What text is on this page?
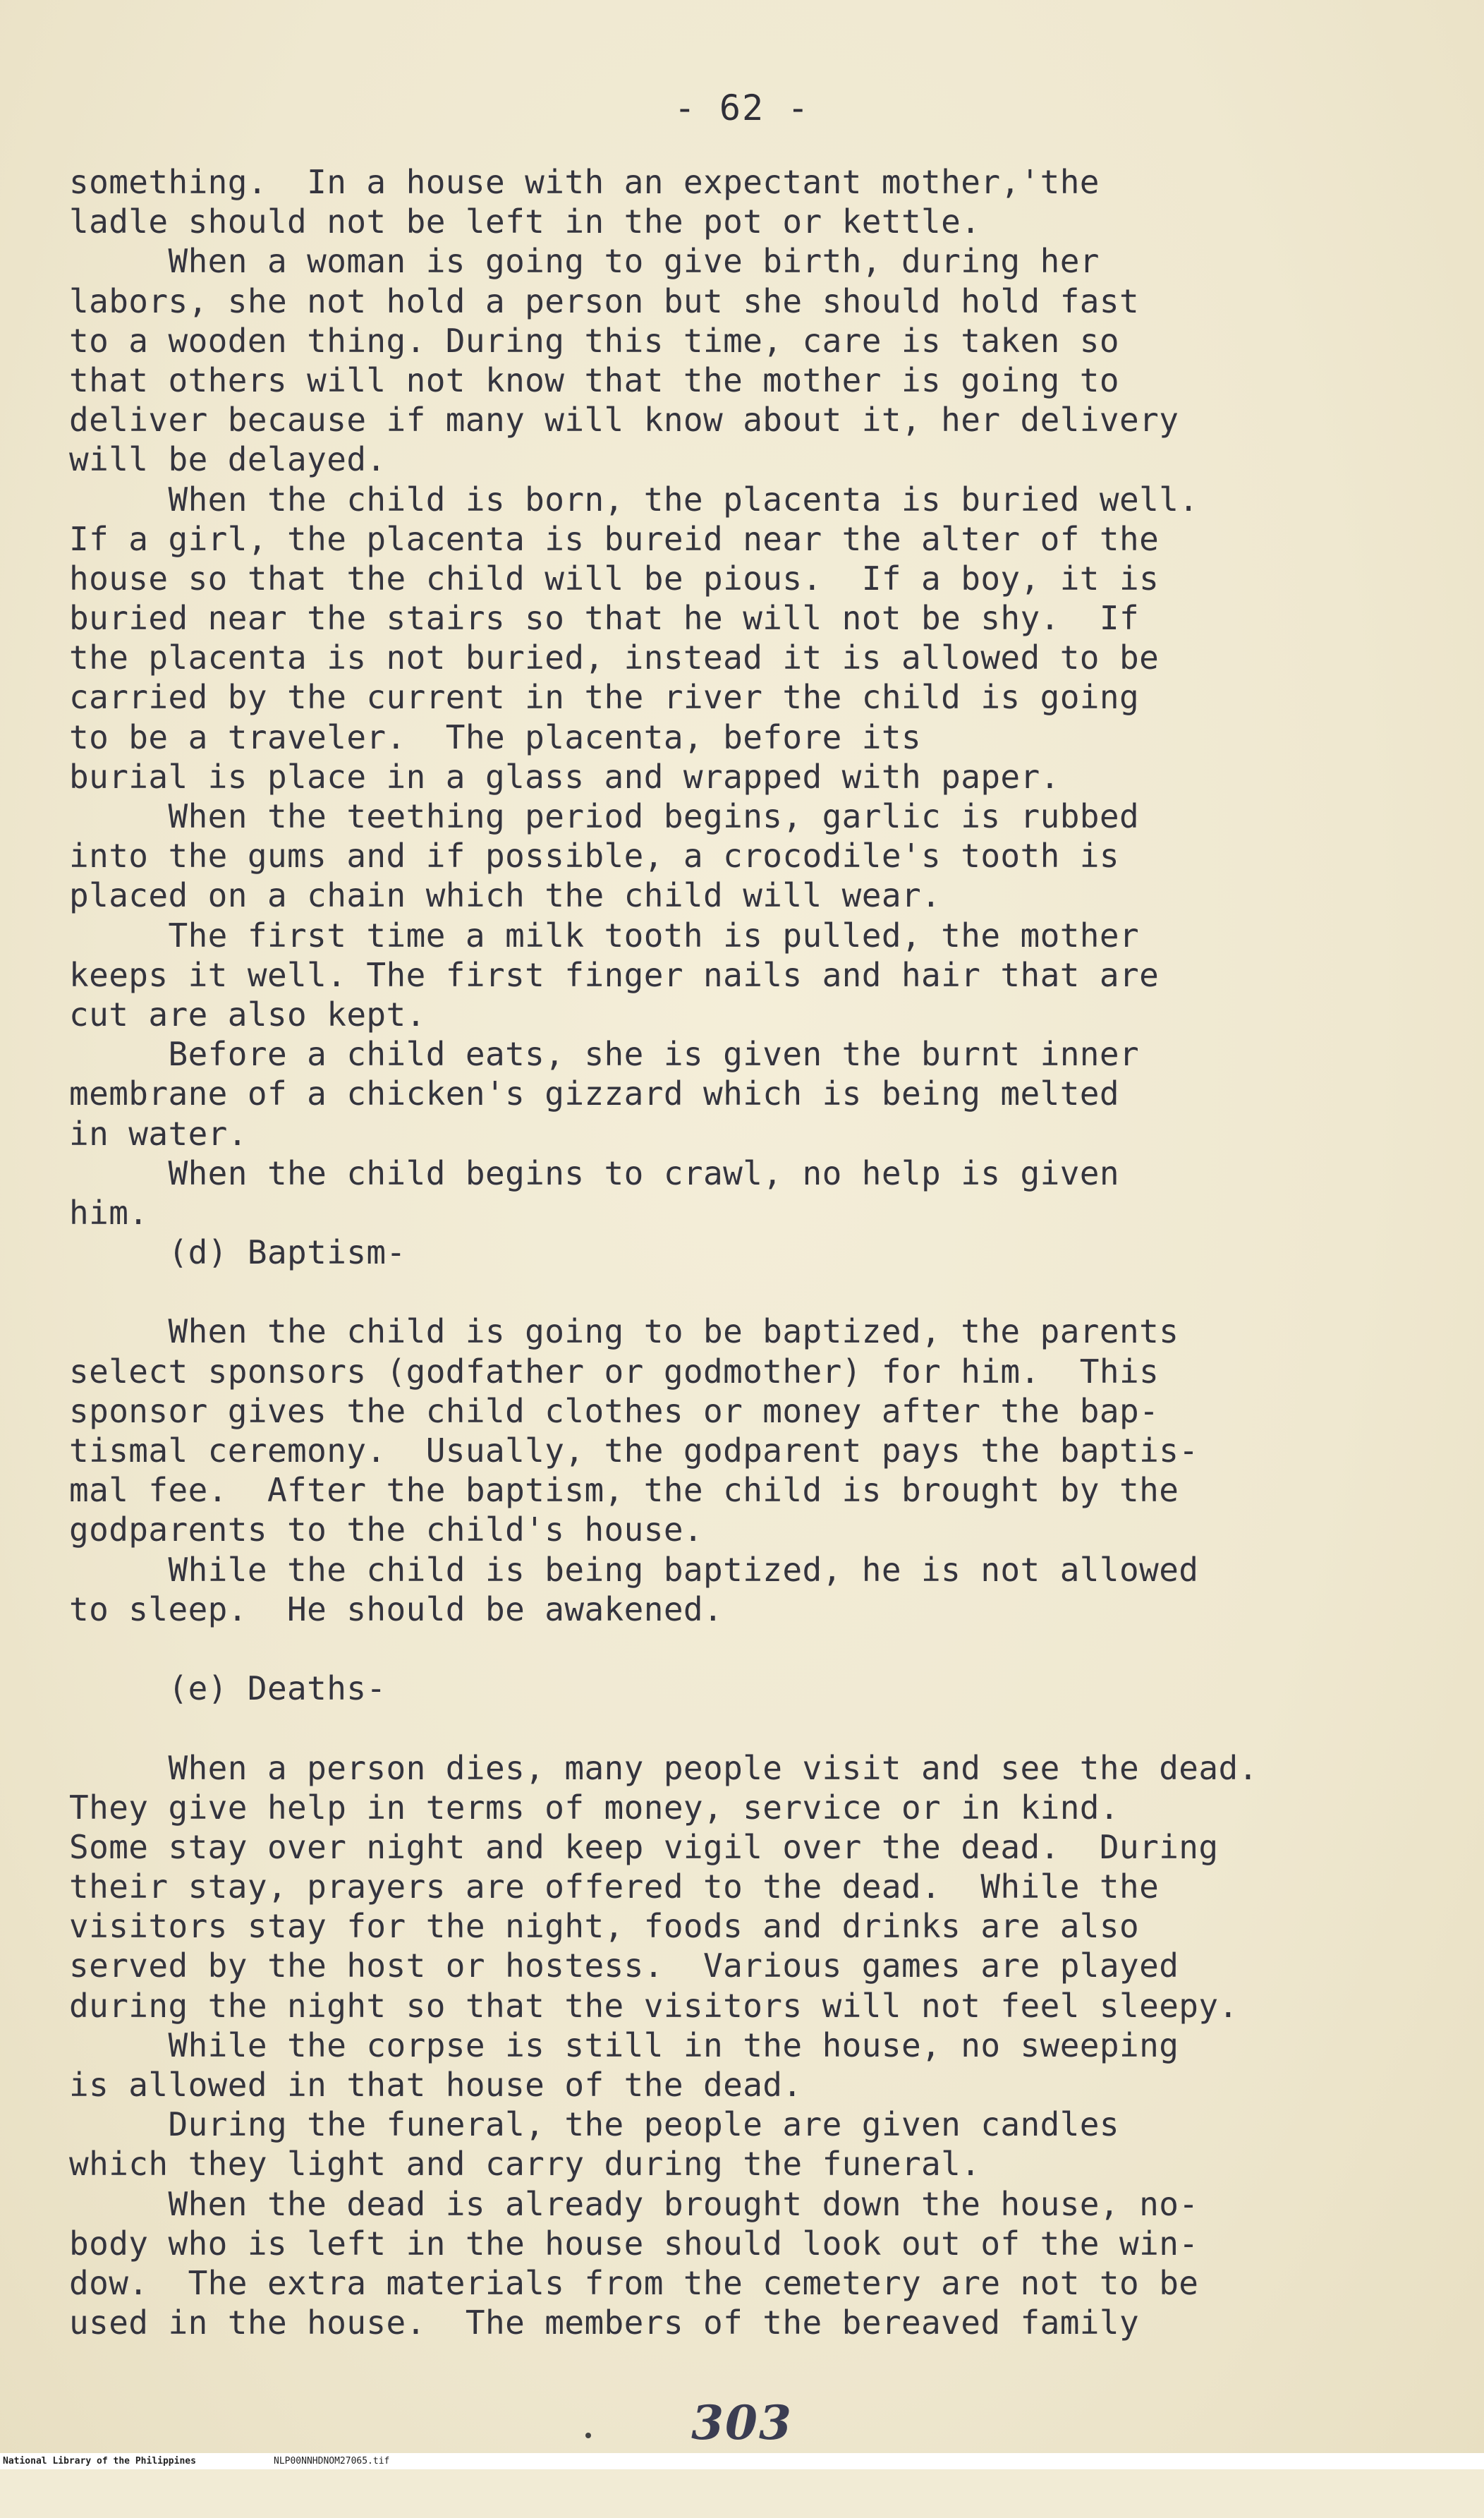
- 62 -
something.  In a house with an expectant mother,'the
ladle should not be left in the pot or kettle.
When a woman is going to give birth, during her
labors, she not hold a person but she should hold fast
to a wooden thing. During this time, care is taken so
that others will not know that the mother is going to
deliver because if many will know about it, her delivery
will be delayed.
When the child is born, the placenta is buried well.
If a girl, the placenta is bureid near the alter of the
house so that the child will be pious.  If a boy, it is
buried near the stairs so that he will not be shy.  If
the placenta is not buried, instead it is allowed to be
carried by the current in the river the child is going
to be a traveler.  The placenta, before its
burial is place in a glass and wrapped with paper.
When the teething period begins, garlic is rubbed
into the gums and if possible, a crocodile's tooth is
placed on a chain which the child will wear.
The first time a milk tooth is pulled, the mother
keeps it well. The first finger nails and hair that are
cut are also kept.
Before a child eats, she is given the burnt inner
membrane of a chicken's gizzard which is being melted
in water.
When the child begins to crawl, no help is given
him.
(d) Baptism-
When the child is going to be baptized, the parents
select sponsors (godfather or godmother) for him.  This
sponsor gives the child clothes or money after the bap-
tismal ceremony.  Usually, the godparent pays the baptis-
mal fee.  After the baptism, the child is brought by the
godparents to the child's house.
While the child is being baptized, he is not allowed
to sleep.  He should be awakened.
(e) Deaths-
When a person dies, many people visit and see the dead.
They give help in terms of money, service or in kind.
Some stay over night and keep vigil over the dead.  During
their stay, prayers are offered to the dead.  While the
visitors stay for the night, foods and drinks are also
served by the host or hostess.  Various games are played
during the night so that the visitors will not feel sleepy.
While the corpse is still in the house, no sweeping
is allowed in that house of the dead.
During the funeral, the people are given candles
which they light and carry during the funeral.
When the dead is already brought down the house, no-
body who is left in the house should look out of the win-
dow.  The extra materials from the cemetery are not to be
used in the house.  The members of the bereaved family
303

National Library of the Philippines

	NLP00NNHDNOM27065.tif
